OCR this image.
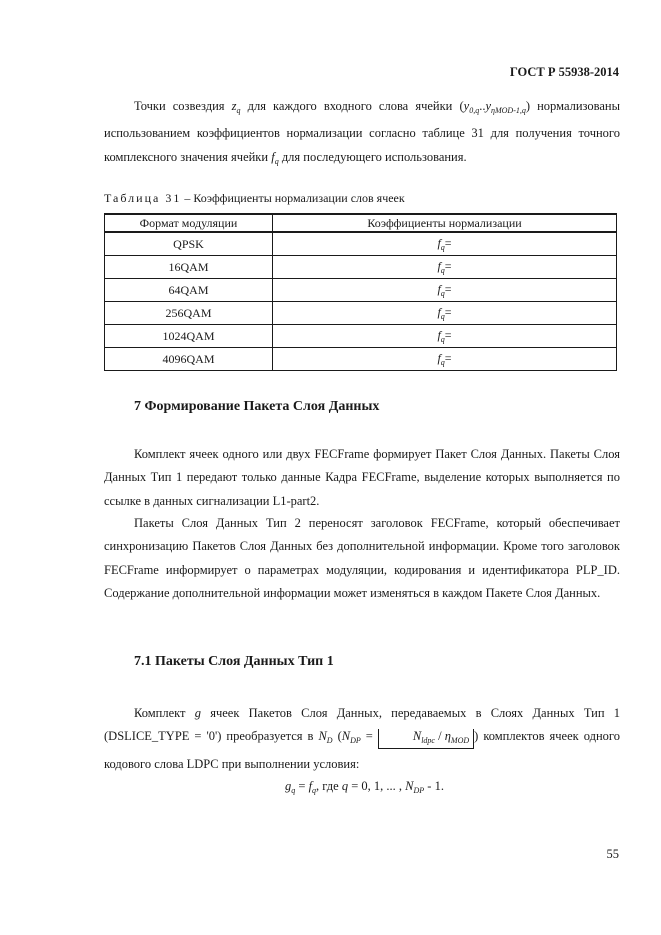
ГОСТ Р 55938-2014
Точки созвездия $z_q$ для каждого входного слова ячейки $(y_{0,q}..y_{\eta MOD-1,q})$ нормализованы использованием коэффициентов нормализации согласно таблице 31 для получения точного комплексного значения ячейки $f_q$ для последующего использования.
Таблица 31 – Коэффициенты нормализации слов ячеек
Формат модуляции	Коэффициенты нормализации
QPSK	$f_q=$
16QAM	$f_q=$
64QAM	$f_q=$
256QAM	$f_q=$
1024QAM	$f_q=$
4096QAM	$f_q=$
7 Формирование Пакета Слоя Данных
Комплект ячеек одного или двух FECFrame формирует Пакет Слоя Данных. Пакеты Слоя Данных Тип 1 передают только данные Кадра FECFrame, выделение которых выполняется по ссылке в данных сигнализации L1-part2.
Пакеты Слоя Данных Тип 2 переносят заголовок FECFrame, который обеспечивает синхронизацию Пакетов Слоя Данных без дополнительной информации. Кроме того заголовок FECFrame информирует о параметрах модуляции, кодирования и идентификатора PLP_ID. Содержание дополнительной информации может изменяться в каждом Пакете Слоя Данных.
7.1 Пакеты Слоя Данных Тип 1
Комплект g ячеек Пакетов Слоя Данных, передаваемых в Слоях Данных Тип 1 (DSLICE_TYPE = '0') преобразуется в $N_D$ ($N_{DP}$ =	$N_{ldpc} / \eta_{MOD}$ ) комплектов ячеек одного кодового слова LDPC при выполнении условия:
$g_q = f_q$, где q = 0, 1, ... , $N_{DP} - 1$.
55
